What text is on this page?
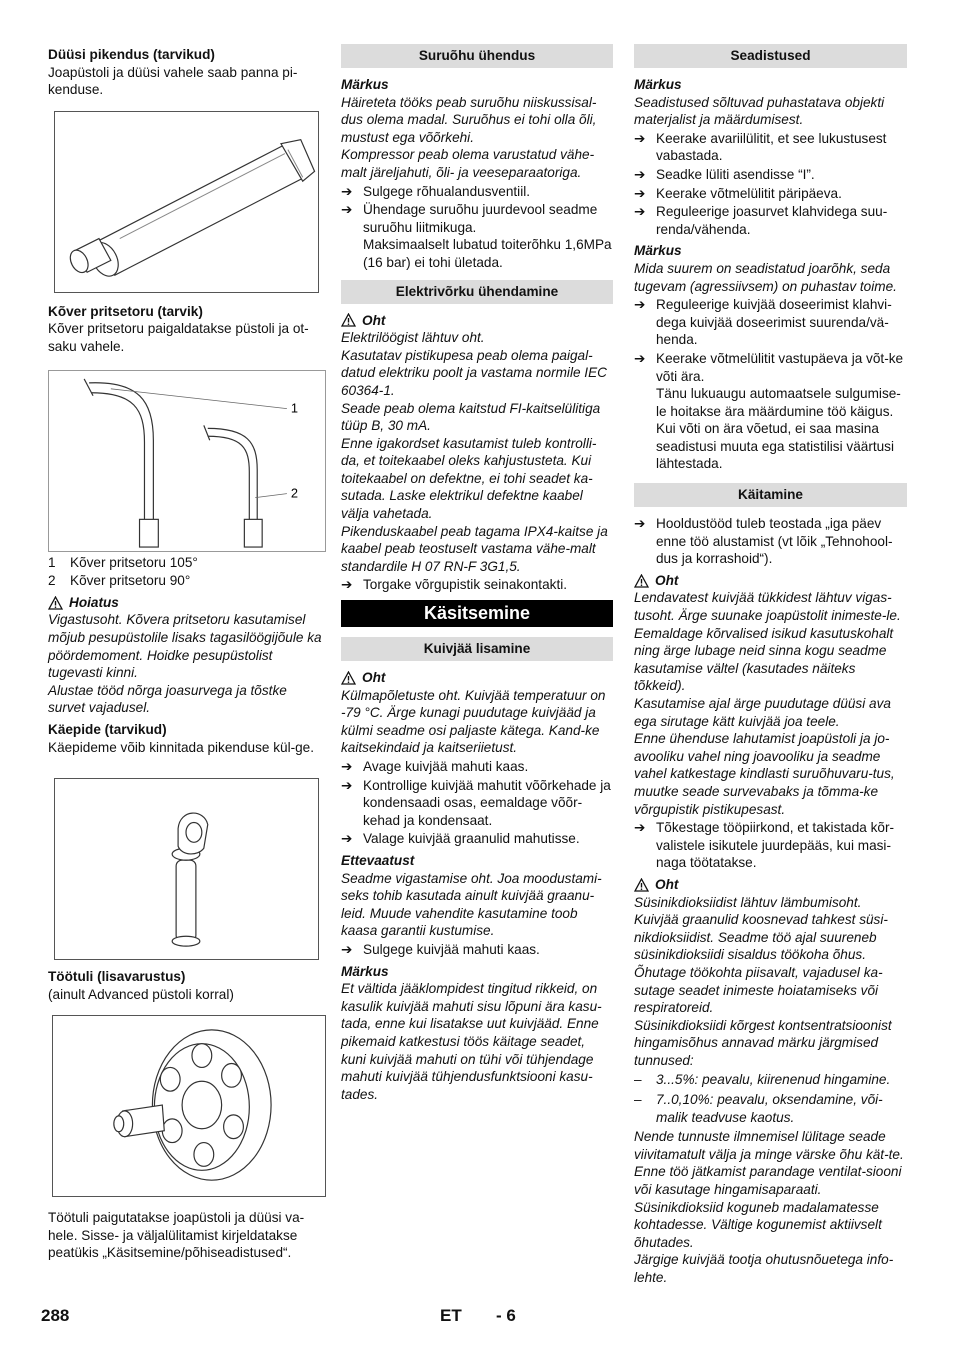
Düüsi pikendus (tarvikud)

Joapüstoli ja düüsi vahele saab panna pi-kenduse.

Kõver pritsetoru (tarvik)

Kõver pritsetoru paigaldatakse püstoli ja ot-saku vahele.

1
2
1 Kõver pritsetoru 105°
2 Kõver pritsetoru 90°

Hoiatus

Vigastusoht. Kõvera pritsetoru kasutamisel mõjub pesupüstolile lisaks tagasilöögijõule ka pöördemoment. Hoidke pesupüstolist tugevasti kinni.

Alustae tööd nõrga joasurvega ja tõstke survet vajadusel.

Käepide (tarvikud)

Käepideme võib kinnitada pikenduse kül-ge.

Töötuli (lisavarustus)

(ainult Advanced püstoli korral)

Töötuli paigutatakse joapüstoli ja düüsi va-hele. Sisse- ja väljalülitamist kirjeldatakse peatükis „Käsitsemine/põhiseadistused“.

Suruõhu ühendus

Märkus

Häireteta tööks peab suruõhu niiskussisal-dus olema madal. Suruõhus ei tohi olla õli, mustust ega võõrkehi.

Kompressor peab olema varustatud vähe-malt järeljahuti, õli- ja veeseparaatoriga.

➔ Sulgege rõhualandusventiil.
➔ Ühendage suruõhu juurdevool seadme suruõhu liitmikuga.

Maksimaalselt lubatud toiterõhku 1,6MPa (16 bar) ei tohi ületada.

Elektrivõrku ühendamine

Oht

Elektrilöögist lähtuv oht.

Kasutatav pistikupesa peab olema paigal-datud elektriku poolt ja vastama normile IEC 60364-1.

Seade peab olema kaitstud FI-kaitselülitiga tüüp B, 30 mA.

Enne igakordset kasutamist tuleb kontrolli-da, et toitekaabel oleks kahjustusteta. Kui toitekaabel on defektne, ei tohi seadet ka-sutada. Laske elektrikul defektne kaabel välja vahetada.

Pikenduskaabel peab tagama IPX4-kaitse ja kaabel peab teostuselt vastama vähe-malt standardile H 07 RN-F 3G1,5.

➔ Torgake võrgupistik seinakontakti.
Käsitsemine
Kuivjää lisamine

Oht

Külmapõletuste oht. Kuivjää temperatuur on -79 °C. Ärge kunagi puudutage kuivjääd ja külmi seadme osi paljaste kätega. Kand-ke kaitsekindaid ja kaitseriietust.

➔ Avage kuivjää mahuti kaas.
➔ Kontrollige kuivjää mahutit võõrkehade ja kondensaadi osas, eemaldage võõr-kehad ja kondensaat.
➔ Valage kuivjää graanulid mahutisse.

Ettevaatust

Seadme vigastamise oht. Joa moodustami-seks tohib kasutada ainult kuivjää graanu-leid. Muude vahendite kasutamine toob kaasa garantii kustumise.

➔ Sulgege kuivjää mahuti kaas.

Märkus

Et vältida jääklompidest tingitud rikkeid, on kasulik kuivjää mahuti sisu lõpuni ära kasu-tada, enne kui lisatakse uut kuivjääd. Enne pikemaid katkestusi töös käitage seadet, kuni kuivjää mahuti on tühi või tühjendage mahuti kuivjää tühjendusfunktsiooni kasu-tades.

Seadistused

Märkus

Seadistused sõltuvad puhastatava objekti materjalist ja määrdumisest.

➔ Keerake avariilülitit, et see lukustusest vabastada.
➔ Seadke lüliti asendisse “I”.
➔ Keerake võtmelülitit päripäeva.
➔ Reguleerige joasurvet klahvidega suu-renda/vähenda.

Märkus

Mida suurem on seadistatud joarõhk, seda tugevam (agressiivsem) on puhastav toime.

➔ Reguleerige kuivjää doseerimist klahvi-dega kuivjää doseerimist suurenda/vä-henda.
➔ Keerake võtmelülitit vastupäeva ja võt-ke võti ära.

Tänu lukuaugu automaatsele sulgumise-le hoitakse ära määrdumine töö käigus.

Kui võti on ära võetud, ei saa masina seadistusi muuta ega statistilisi väärtusi lähtestada.

Käitamine
➔ Hooldustööd tuleb teostada „iga päev enne töö alustamist (vt lõik „Tehnohool-dus ja korrashoid“).

Oht

Lendavatest kuivjää tükkidest lähtuv vigas-tusoht. Ärge suunake joapüstolit inimeste-le. Eemaldage kõrvalised isikud kasutuskohalt ning ärge lubage neid sinna kogu seadme kasutamise vältel (kasutades näiteks tõkkeid).

Kasutamise ajal ärge puudutage düüsi ava ega sirutage kätt kuivjää joa teele.

Enne ühenduse lahutamist joapüstoli ja jo-avooliku vahel ning joavooliku ja seadme vahel katkestage kindlasti suruõhuvaru-tus, muutke seade survevabaks ja tõmma-ke võrgupistik pistikupesast.

➔ Tõkestage tööpiirkond, et takistada kõr-valistele isikutele juurdepääs, kui masi-naga töötatakse.

Oht

Süsinikdioksiidist lähtuv lämbumisoht.

Kuivjää graanulid koosnevad tahkest süsi-nikdioksiidist. Seadme töö ajal suureneb süsinikdioksiidi sisaldus töökoha õhus. Õhutage töökohta piisavalt, vajadusel ka-sutage seadet inimeste hoiatamiseks või respiratoreid.

Süsinikdioksiidi kõrgest kontsentratsioonist hingamisõhus annavad märku järgmised tunnused:

– 3...5%: peavalu, kiirenenud hingamine.
– 7..0,10%: peavalu, oksendamine, või-malik teadvuse kaotus.

Nende tunnuste ilmnemisel lülitage seade viivitamatult välja ja minge värske õhu kät-te. Enne töö jätkamist parandage ventilat-siooni või kasutage hingamisaparaati.

Süsinikdioksiid koguneb madalamatesse kohtadesse. Vältige kogunemist aktiivselt õhutades.

Järgige kuivjää tootja ohutusnõuetega info-lehte.

288	ET - 6
